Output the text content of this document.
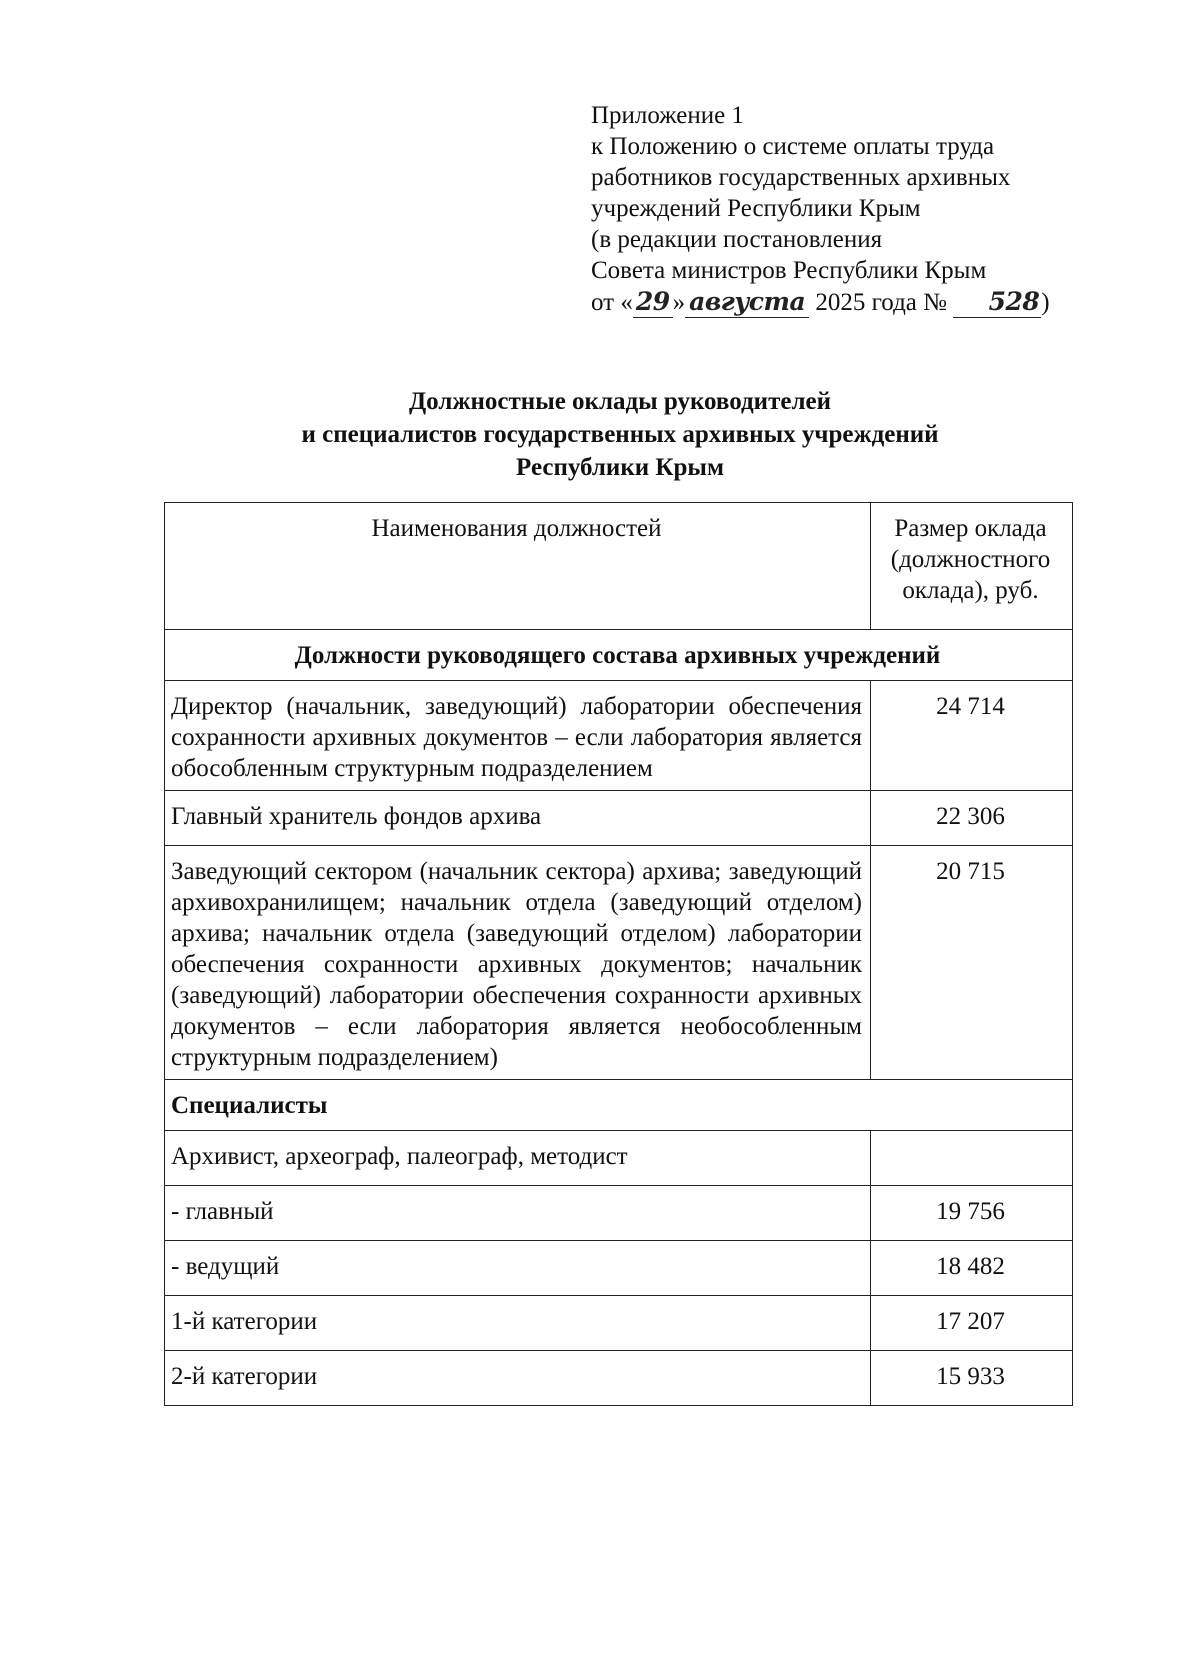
Приложение 1
к Положению о системе оплаты труда
работников государственных архивных
учреждений Республики Крым
(в редакции постановления
Совета министров Республики Крым
от « 29 » августа 2025 года № 528)
Должностные оклады руководителей
и специалистов государственных архивных учреждений
Республики Крым
Наименования должностей	Размер оклада (должностного оклада), руб.
Должности руководящего состава архивных учреждений	
Директор (начальник, заведующий) лаборатории обеспечения сохранности архивных документов – если лаборатория является обособленным структурным подразделением	24 714
Главный хранитель фондов архива	22 306
Заведующий сектором (начальник сектора) архива; заведующий архивохранилищем; начальник отдела (заведующий отделом) архива; начальник отдела (заведующий отделом) лаборатории обеспечения сохранности архивных документов; начальник (заведующий) лаборатории обеспечения сохранности архивных документов – если лаборатория является необособленным структурным подразделением)	20 715
Специалисты	
Архивист, археограф, палеограф, методист	
- главный	19 756
- ведущий	18 482
1-й категории	17 207
2-й категории	15 933
